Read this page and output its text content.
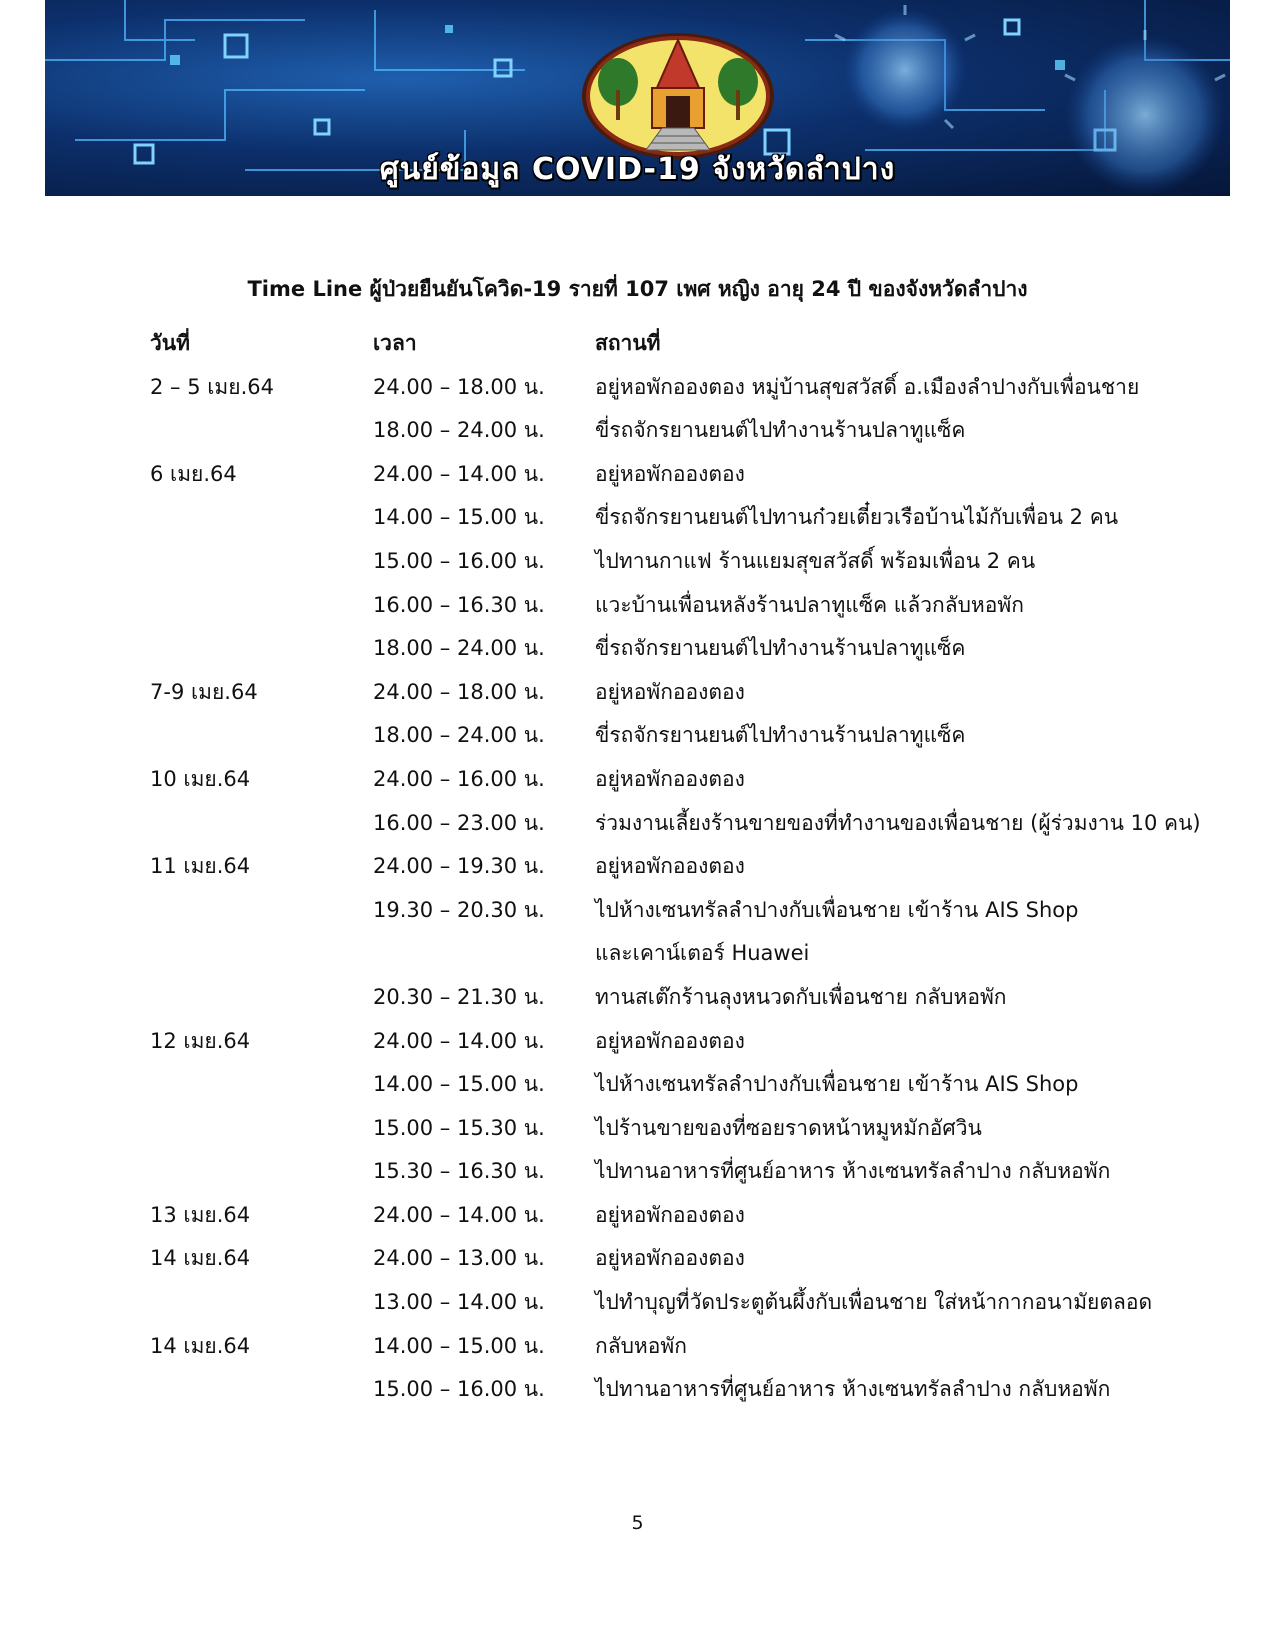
ศูนย์ข้อมูล COVID-19 จังหวัดลำปาง
Time Line ผู้ป่วยยืนยันโควิด-19 รายที่ 107 เพศ หญิง อายุ 24 ปี ของจังหวัดลำปาง
วันที่	เวลา	สถานที่
2 – 5 เมย.64	24.00 – 18.00 น. อยู่หอพักอองตอง หมู่บ้านสุขสวัสดิ์ อ.เมืองลำปางกับเพื่อนชาย
18.00 – 24.00 น. ขี่รถจักรยานยนต์ไปทำงานร้านปลาทูแซ็ค
6 เมย.64	24.00 – 14.00 น. อยู่หอพักอองตอง
14.00 – 15.00 น. ขี่รถจักรยานยนต์ไปทานก๋วยเตี๋ยวเรือบ้านไม้กับเพื่อน 2 คน
15.00 – 16.00 น. ไปทานกาแฟ ร้านแยมสุขสวัสดิ์ พร้อมเพื่อน 2 คน
16.00 – 16.30 น. แวะบ้านเพื่อนหลังร้านปลาทูแซ็ค แล้วกลับหอพัก
18.00 – 24.00 น. ขี่รถจักรยานยนต์ไปทำงานร้านปลาทูแซ็ค
7-9 เมย.64	24.00 – 18.00 น. อยู่หอพักอองตอง
18.00 – 24.00 น. ขี่รถจักรยานยนต์ไปทำงานร้านปลาทูแซ็ค
10 เมย.64	24.00 – 16.00 น. อยู่หอพักอองตอง
16.00 – 23.00 น. ร่วมงานเลี้ยงร้านขายของที่ทำงานของเพื่อนชาย (ผู้ร่วมงาน 10 คน)
11 เมย.64	24.00 – 19.30 น. อยู่หอพักอองตอง
19.30 – 20.30 น. ไปห้างเซนทรัลลำปางกับเพื่อนชาย เข้าร้าน AIS Shop
และเคาน์เตอร์ Huawei
20.30 – 21.30 น. ทานสเต๊กร้านลุงหนวดกับเพื่อนชาย กลับหอพัก
12 เมย.64	24.00 – 14.00 น. อยู่หอพักอองตอง
14.00 – 15.00 น. ไปห้างเซนทรัลลำปางกับเพื่อนชาย เข้าร้าน AIS Shop
15.00 – 15.30 น. ไปร้านขายของที่ซอยราดหน้าหมูหมักอัศวิน
15.30 – 16.30 น. ไปทานอาหารที่ศูนย์อาหาร ห้างเซนทรัลลำปาง กลับหอพัก
13 เมย.64	24.00 – 14.00 น. อยู่หอพักอองตอง
14 เมย.64	24.00 – 13.00 น. อยู่หอพักอองตอง
13.00 – 14.00 น. ไปทำบุญที่วัดประตูต้นผึ้งกับเพื่อนชาย ใส่หน้ากากอนามัยตลอด
14 เมย.64	14.00 – 15.00 น. กลับหอพัก
15.00 – 16.00 น. ไปทานอาหารที่ศูนย์อาหาร ห้างเซนทรัลลำปาง กลับหอพัก
5
